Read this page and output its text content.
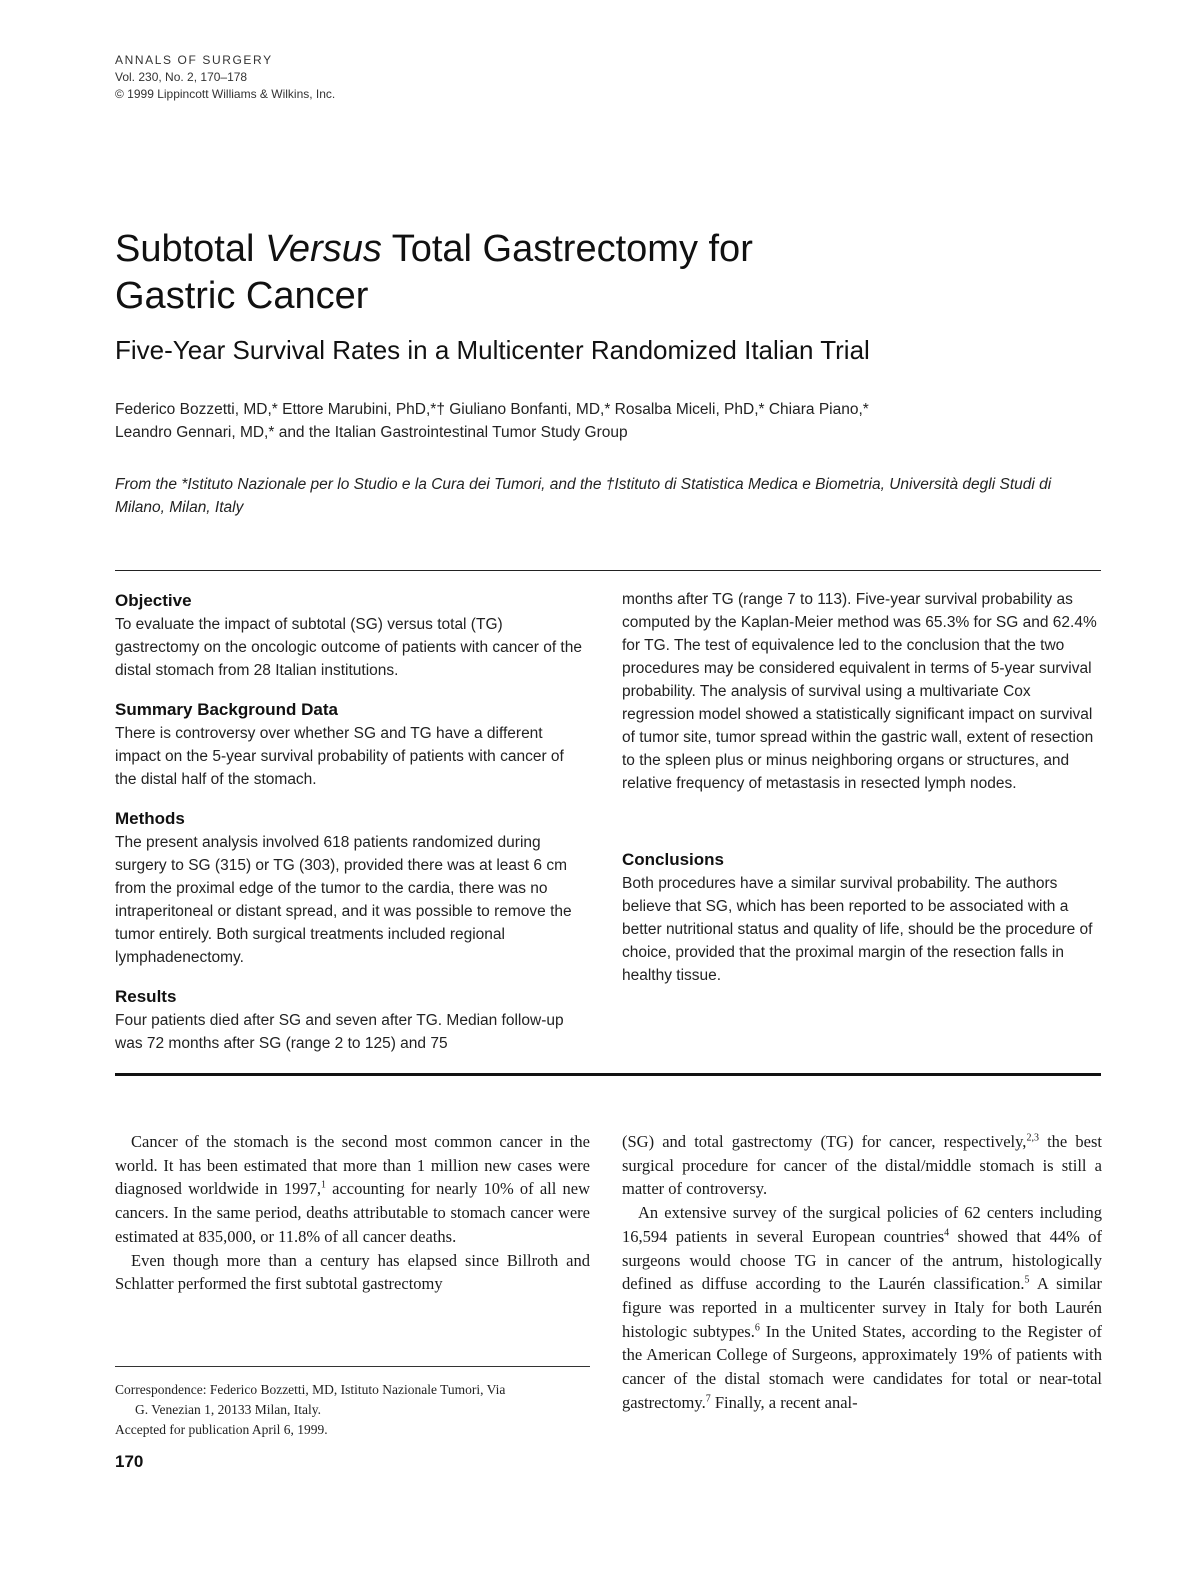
ANNALS OF SURGERY
Vol. 230, No. 2, 170–178
© 1999 Lippincott Williams & Wilkins, Inc.
Subtotal Versus Total Gastrectomy for
Gastric Cancer
Five-Year Survival Rates in a Multicenter Randomized Italian Trial
Federico Bozzetti, MD,* Ettore Marubini, PhD,*† Giuliano Bonfanti, MD,* Rosalba Miceli, PhD,* Chiara Piano,*
Leandro Gennari, MD,* and the Italian Gastrointestinal Tumor Study Group
From the *Istituto Nazionale per lo Studio e la Cura dei Tumori, and the †Istituto di Statistica Medica e Biometria, Università degli Studi di Milano, Milan, Italy
Objective

To evaluate the impact of subtotal (SG) versus total (TG) gastrectomy on the oncologic outcome of patients with cancer of the distal stomach from 28 Italian institutions.

Summary Background Data

There is controversy over whether SG and TG have a different impact on the 5-year survival probability of patients with cancer of the distal half of the stomach.

Methods

The present analysis involved 618 patients randomized during surgery to SG (315) or TG (303), provided there was at least 6 cm from the proximal edge of the tumor to the cardia, there was no intraperitoneal or distant spread, and it was possible to remove the tumor entirely. Both surgical treatments included regional lymphadenectomy.

Results

Four patients died after SG and seven after TG. Median follow-up was 72 months after SG (range 2 to 125) and 75

months after TG (range 7 to 113). Five-year survival probability as computed by the Kaplan-Meier method was 65.3% for SG and 62.4% for TG. The test of equivalence led to the conclusion that the two procedures may be considered equivalent in terms of 5-year survival probability. The analysis of survival using a multivariate Cox regression model showed a statistically significant impact on survival of tumor site, tumor spread within the gastric wall, extent of resection to the spleen plus or minus neighboring organs or structures, and relative frequency of metastasis in resected lymph nodes.

Conclusions

Both procedures have a similar survival probability. The authors believe that SG, which has been reported to be associated with a better nutritional status and quality of life, should be the procedure of choice, provided that the proximal margin of the resection falls in healthy tissue.

Cancer of the stomach is the second most common cancer in the world. It has been estimated that more than 1 million new cases were diagnosed worldwide in 1997,$^1$ accounting for nearly 10% of all new cancers. In the same period, deaths attributable to stomach cancer were estimated at 835,000, or 11.8% of all cancer deaths.

Even though more than a century has elapsed since Billroth and Schlatter performed the first subtotal gastrectomy

(SG) and total gastrectomy (TG) for cancer, respectively,$^{2,3}$ the best surgical procedure for cancer of the distal/middle stomach is still a matter of controversy.

An extensive survey of the surgical policies of 62 centers including 16,594 patients in several European countries$^4$ showed that 44% of surgeons would choose TG in cancer of the antrum, histologically defined as diffuse according to the Laurén classification.$^5$ A similar figure was reported in a multicenter survey in Italy for both Laurén histologic subtypes.$^6$ In the United States, according to the Register of the American College of Surgeons, approximately 19% of patients with cancer of the distal stomach were candidates for total or near-total gastrectomy.$^7$ Finally, a recent anal-

Correspondence: Federico Bozzetti, MD, Istituto Nazionale Tumori, Via
G. Venezian 1, 20133 Milan, Italy.
Accepted for publication April 6, 1999.
170
